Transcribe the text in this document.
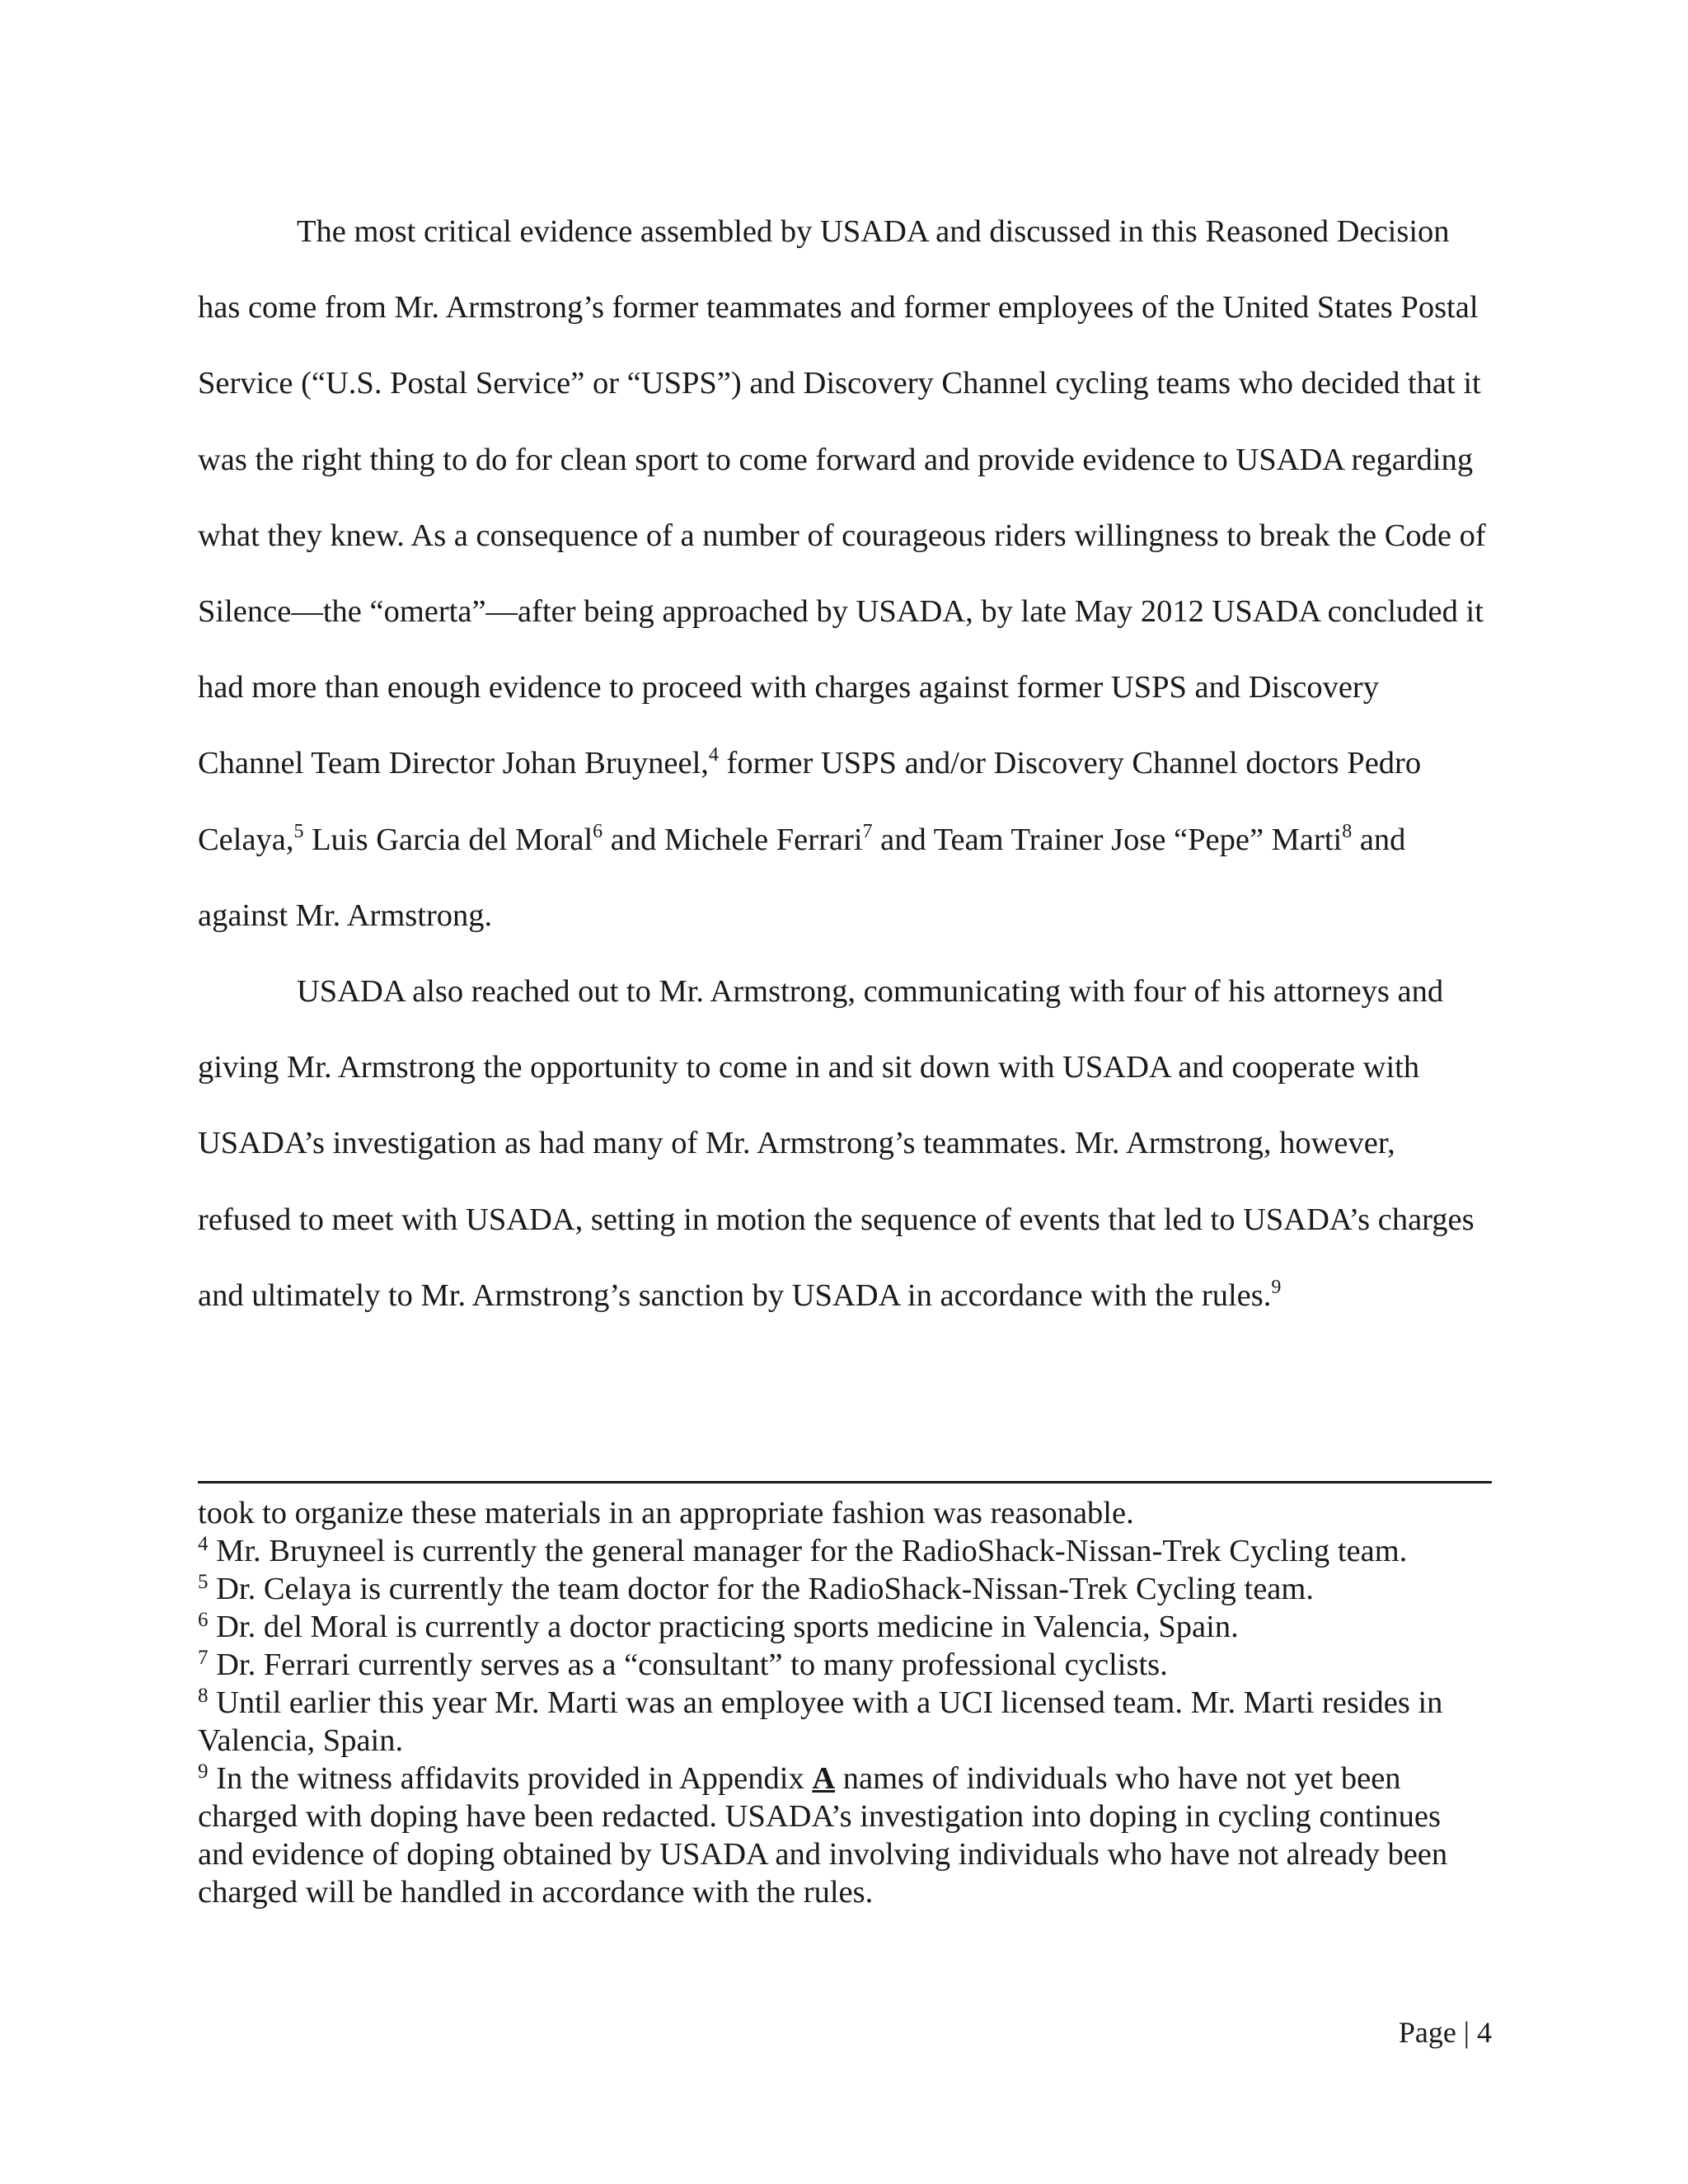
The most critical evidence assembled by USADA and discussed in this Reasoned Decision has come from Mr. Armstrong’s former teammates and former employees of the United States Postal Service (“U.S. Postal Service” or “USPS”) and Discovery Channel cycling teams who decided that it was the right thing to do for clean sport to come forward and provide evidence to USADA regarding what they knew. As a consequence of a number of courageous riders willingness to break the Code of Silence—the “omerta”—after being approached by USADA, by late May 2012 USADA concluded it had more than enough evidence to proceed with charges against former USPS and Discovery Channel Team Director Johan Bruyneel,$^4$ former USPS and/or Discovery Channel doctors Pedro Celaya,$^5$ Luis Garcia del Moral$^6$ and Michele Ferrari$^7$ and Team Trainer Jose “Pepe” Marti$^8$ and against Mr. Armstrong.

USADA also reached out to Mr. Armstrong, communicating with four of his attorneys and giving Mr. Armstrong the opportunity to come in and sit down with USADA and cooperate with USADA’s investigation as had many of Mr. Armstrong’s teammates. Mr. Armstrong, however, refused to meet with USADA, setting in motion the sequence of events that led to USADA’s charges and ultimately to Mr. Armstrong’s sanction by USADA in accordance with the rules.$^9$

took to organize these materials in an appropriate fashion was reasonable.

$^4$ Mr. Bruyneel is currently the general manager for the RadioShack-Nissan-Trek Cycling team.

$^5$ Dr. Celaya is currently the team doctor for the RadioShack-Nissan-Trek Cycling team.

$^6$ Dr. del Moral is currently a doctor practicing sports medicine in Valencia, Spain.

$^7$ Dr. Ferrari currently serves as a “consultant” to many professional cyclists.

$^8$ Until earlier this year Mr. Marti was an employee with a UCI licensed team. Mr. Marti resides in Valencia, Spain.

$^9$ In the witness affidavits provided in Appendix A names of individuals who have not yet been charged with doping have been redacted. USADA’s investigation into doping in cycling continues and evidence of doping obtained by USADA and involving individuals who have not already been charged will be handled in accordance with the rules.

Page | 4
